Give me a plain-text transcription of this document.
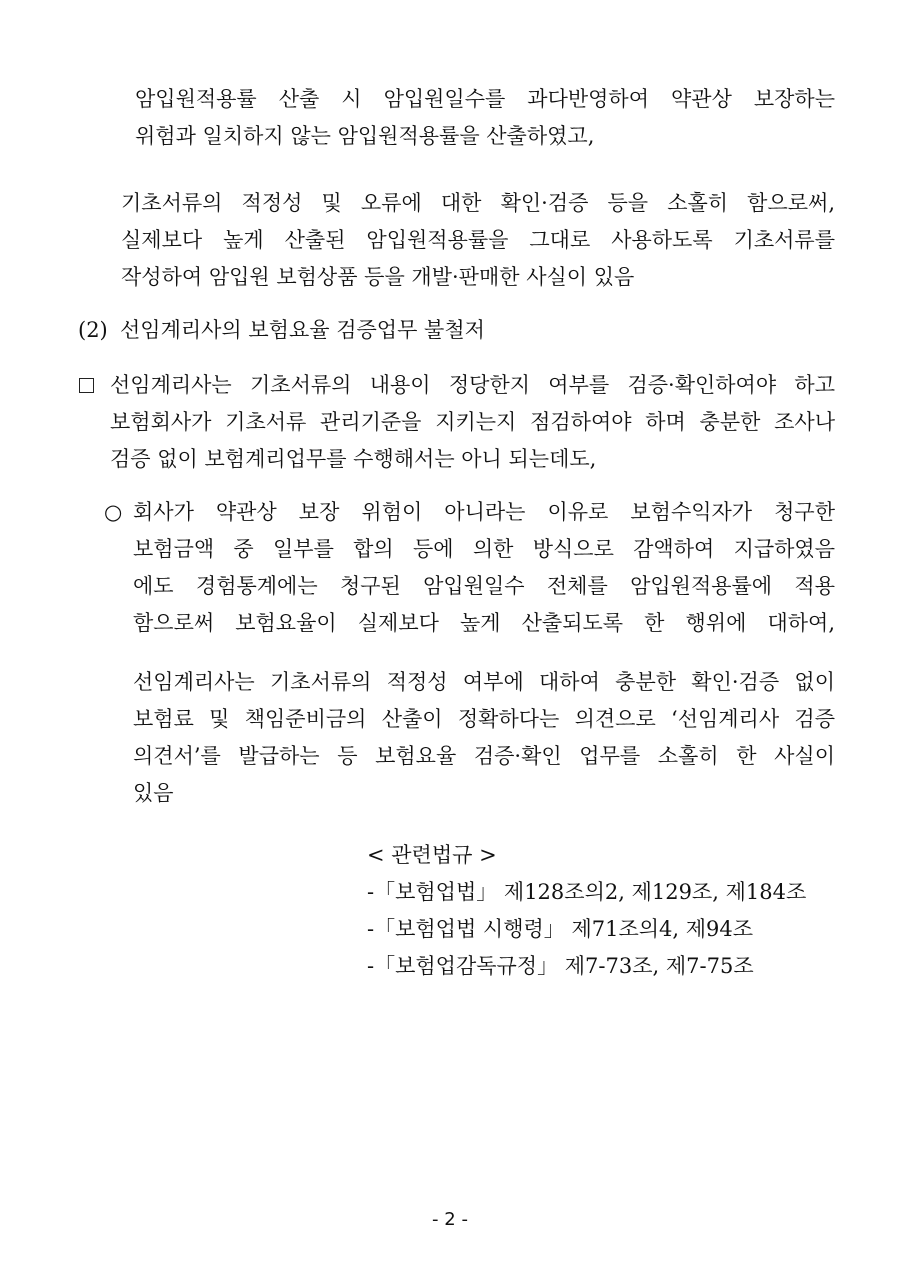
암입원적용률 산출 시 암입원일수를 과다반영하여 약관상 보장하는
위험과 일치하지 않는 암입원적용률을 산출하였고,
기초서류의 적정성 및 오류에 대한 확인·검증 등을 소홀히 함으로써,
실제보다 높게 산출된 암입원적용률을 그대로 사용하도록 기초서류를
작성하여 암입원 보험상품 등을 개발·판매한 사실이 있음
(2) 선임계리사의 보험요율 검증업무 불철저
선임계리사는 기초서류의 내용이 정당한지 여부를 검증·확인하여야 하고
보험회사가 기초서류 관리기준을 지키는지 점검하여야 하며 충분한 조사나
검증 없이 보험계리업무를 수행해서는 아니 되는데도,
○ 회사가 약관상 보장 위험이 아니라는 이유로 보험수익자가 청구한
보험금액 중 일부를 합의 등에 의한 방식으로 감액하여 지급하였음
에도 경험통계에는 청구된 암입원일수 전체를 암입원적용률에 적용
함으로써 보험요율이 실제보다 높게 산출되도록 한 행위에 대하여,
선임계리사는 기초서류의 적정성 여부에 대하여 충분한 확인·검증 없이
보험료 및 책임준비금의 산출이 정확하다는 의견으로 ‘선임계리사 검증
의견서’를 발급하는 등 보험요율 검증·확인 업무를 소홀히 한 사실이
있음
< 관련법규 >
-「보험업법」 제128조의2, 제129조, 제184조
-「보험업법 시행령」 제71조의4, 제94조
-「보험업감독규정」 제7-73조, 제7-75조
- 2 -
